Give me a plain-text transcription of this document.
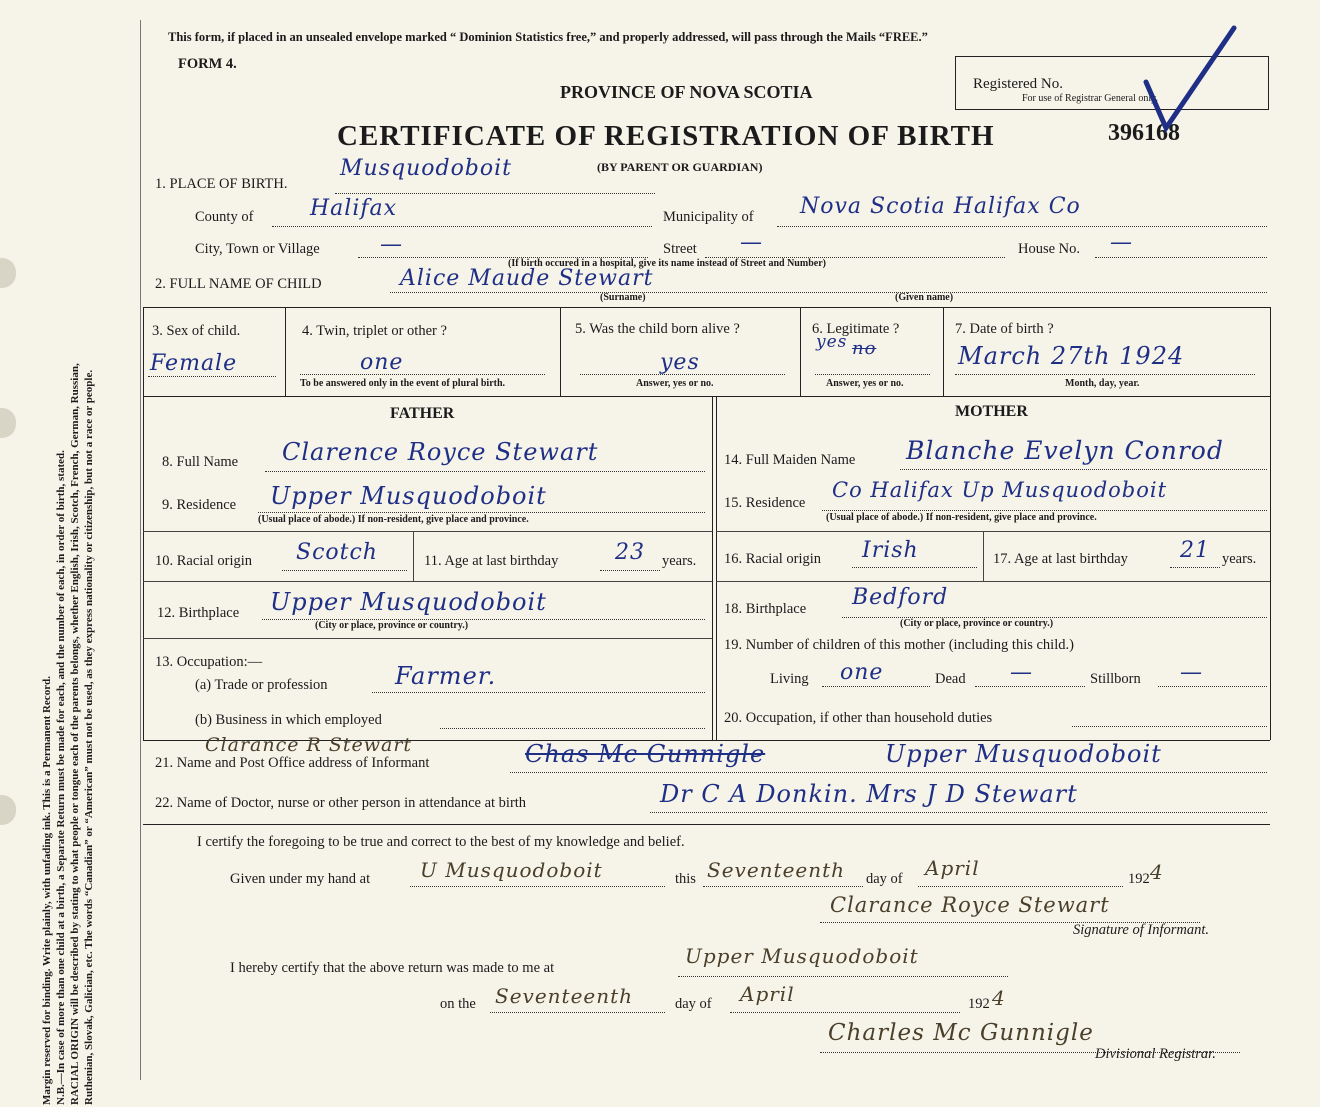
Margin reserved for binding. Write plainly, with unfading ink. This is a Permanent Record. N.B.—In case of more than one child at a birth, a Separate Return must be made for each, and the number of each, in order of birth, stated. RACIAL ORIGIN will be described by stating to what people or tongue each of the parents belongs, whether English, Irish, Scotch, French, German, Russian, Ruthenian, Slovak, Galician, etc. The words “Canadian” or “American” must not be used, as they express nationality or citizenship, but not a race or people.
This form, if placed in an unsealed envelope marked “ Dominion Statistics free,” and properly addressed, will pass through the Mails “FREE.”
FORM 4.
PROVINCE OF NOVA SCOTIA
CERTIFICATE OF REGISTRATION OF BIRTH	396168
(BY PARENT OR GUARDIAN)
Registered No.
For use of Registrar General only.
1. PLACE OF BIRTH.
Musquodoboit
County of	Halifax	Municipality of Nova Scotia Halifax Co
City, Town or Village	—	Street —	House No. —
(If birth occured in a hospital, give its name instead of Street and Number)
2. FULL NAME OF CHILD	Alice Maude Stewart
(Surname)	(Given name)
3. Sex of child.
Female
4. Twin, triplet or other ?
one
To be answered only in the event of plural birth.
5. Was the child born alive ?
yes
Answer, yes or no.
6. Legitimate ?
yes no
Answer, yes or no.
7. Date of birth ?
March 27th 1924
Month, day, year.
FATHER	MOTHER
8. Full Name Clarence Royce Stewart
9. Residence Upper Musquodoboit
(Usual place of abode.) If non-resident, give place and province.
10. Racial origin Scotch	11. Age at last birthday	23 years.
12. Birthplace Upper Musquodoboit
(City or place, province or country.)
13. Occupation:—
(a) Trade or profession	Farmer.
(b) Business in which employed
14. Full Maiden Name Blanche Evelyn Conrod
15. Residence
Co Halifax Up Musquodoboit
(Usual place of abode.) If non-resident, give place and province.
16. Racial origin Irish	17. Age at last birthday 21 years.
18. Birthplace Bedford
(City or place, province or country.)
19. Number of children of this mother (including this child.)
Living one	Dead —	Stillborn —
20. Occupation, if other than household duties
Clarance R Stewart
21. Name and Post Office address of Informant	Chas Mc Gunnigle	Upper Musquodoboit
22. Name of Doctor, nurse or other person in attendance at birth	Dr C A Donkin. Mrs J D Stewart
I certify the foregoing to be true and correct to the best of my knowledge and belief.
Given under my hand at U Musquodoboit	this Seventeenth day of April	192 4
Clarance Royce Stewart
Signature of Informant.
I hereby certify that the above return was made to me at	Upper Musquodoboit
on the Seventeenth	day of April	192 4
Charles Mc Gunnigle
Divisional Registrar.
